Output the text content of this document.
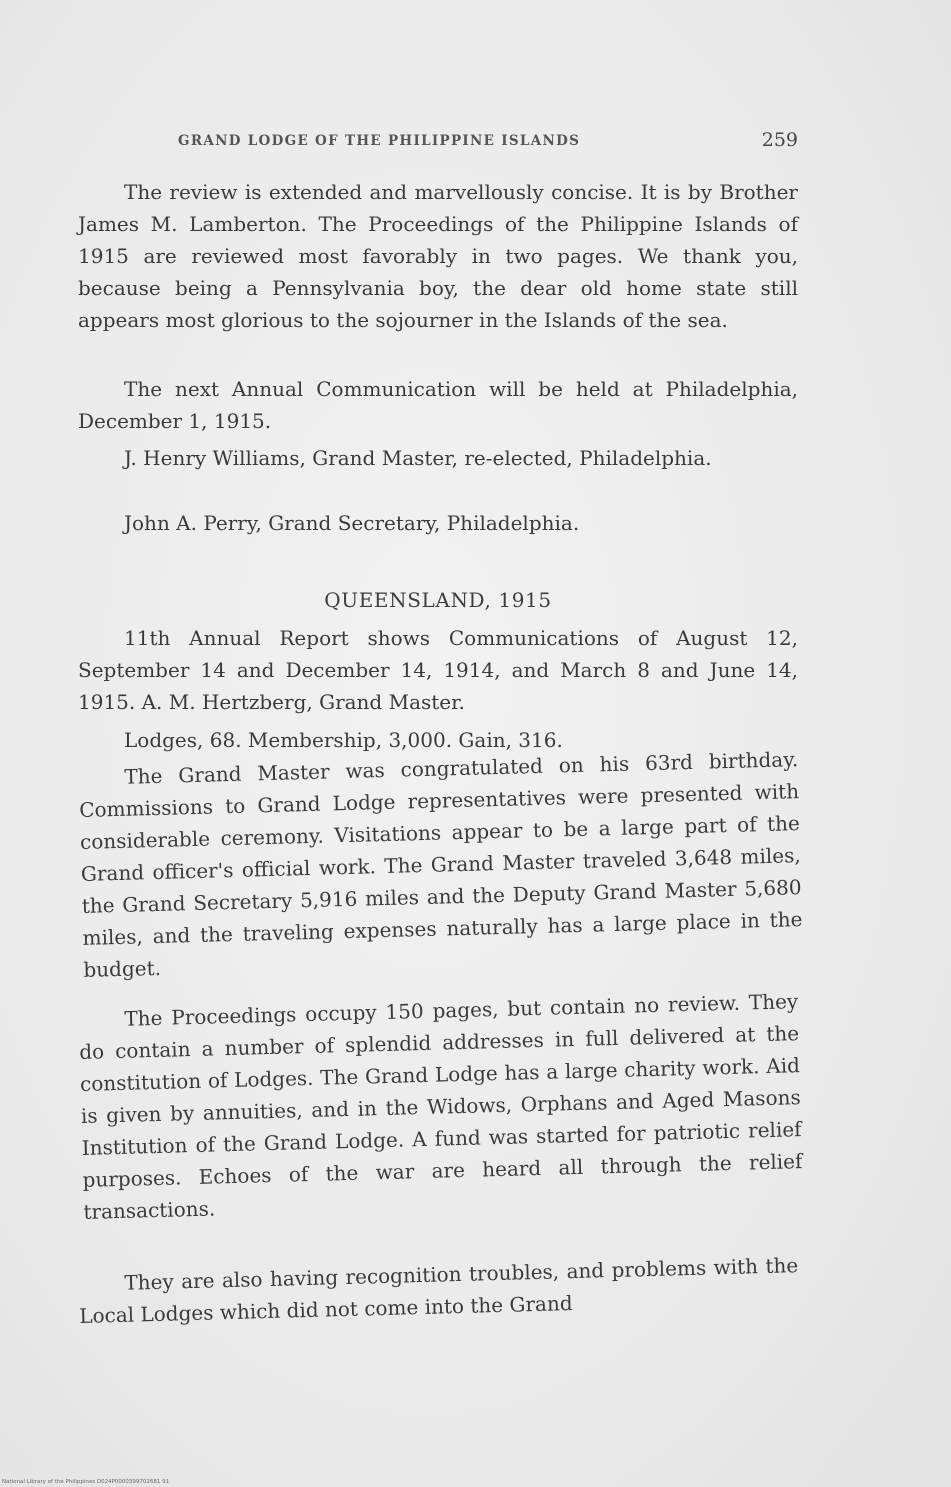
GRAND LODGE OF THE PHILIPPINE ISLANDS	259

The review is extended and marvellously concise. It is by Brother James M. Lamberton. The Proceedings of the Philippine Islands of 1915 are reviewed most favorably in two pages. We thank you, because being a Pennsylvania boy, the dear old home state still appears most glorious to the sojourner in the Islands of the sea.

The next Annual Communication will be held at Philadelphia, December 1, 1915.

J. Henry Williams, Grand Master, re-elected, Philadelphia.

John A. Perry, Grand Secretary, Philadelphia.

QUEENSLAND, 1915

11th Annual Report shows Communications of August 12, September 14 and December 14, 1914, and March 8 and June 14, 1915. A. M. Hertzberg, Grand Master.

Lodges, 68. Membership, 3,000. Gain, 316.

The Grand Master was congratulated on his 63rd birthday. Commissions to Grand Lodge representatives were presented with considerable ceremony. Visitations appear to be a large part of the Grand officer's official work. The Grand Master traveled 3,648 miles, the Grand Secretary 5,916 miles and the Deputy Grand Master 5,680 miles, and the traveling expenses naturally has a large place in the budget.

The Proceedings occupy 150 pages, but contain no review. They do contain a number of splendid addresses in full delivered at the constitution of Lodges. The Grand Lodge has a large charity work. Aid is given by annuities, and in the Widows, Orphans and Aged Masons Institution of the Grand Lodge. A fund was started for patriotic relief purposes. Echoes of the war are heard all through the relief transactions.

They are also having recognition troubles, and problems with the Local Lodges which did not come into the Grand

National Library of the Philippines D024P0000399702681 91
